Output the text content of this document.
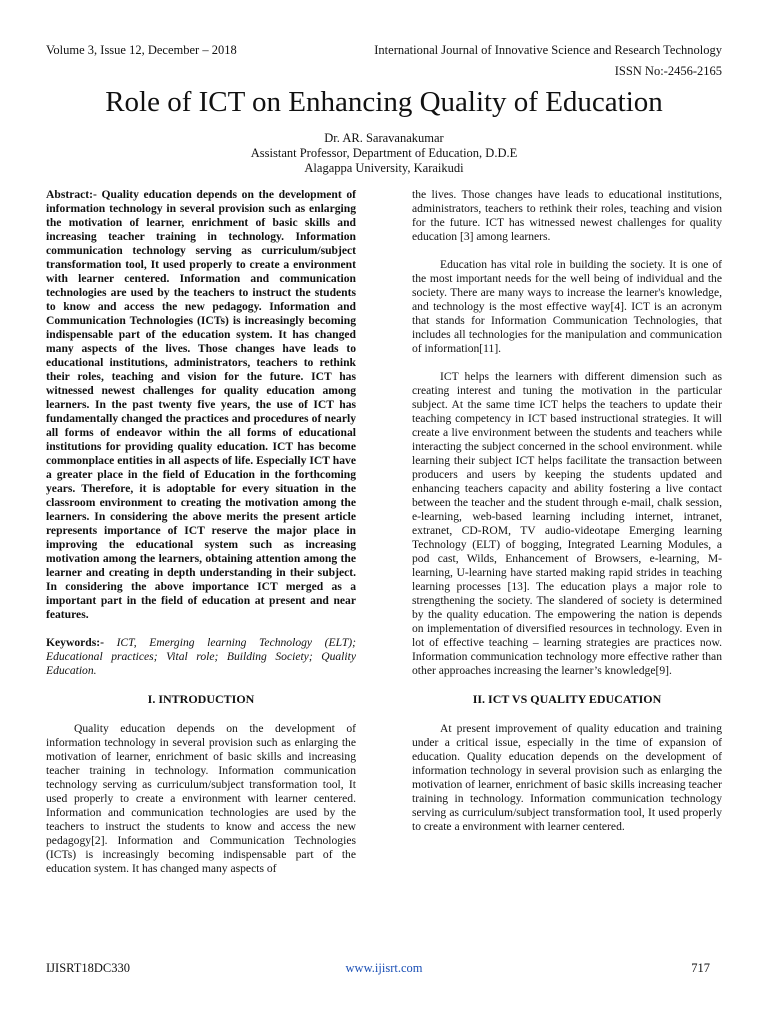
Volume 3, Issue 12, December – 2018	International Journal of Innovative Science and Research Technology
ISSN No:-2456-2165
Role of ICT on Enhancing Quality of Education
Dr. AR. Saravanakumar
Assistant Professor, Department of Education, D.D.E
Alagappa University, Karaikudi

Abstract:- Quality education depends on the development of information technology in several provision such as enlarging the motivation of learner, enrichment of basic skills and increasing teacher training in technology. Information communication technology serving as curriculum/subject transformation tool, It used properly to create a environment with learner centered. Information and communication technologies are used by the teachers to instruct the students to know and access the new pedagogy. Information and Communication Technologies (ICTs) is increasingly becoming indispensable part of the education system. It has changed many aspects of the lives. Those changes have leads to educational institutions, administrators, teachers to rethink their roles, teaching and vision for the future. ICT has witnessed newest challenges for quality education among learners. In the past twenty five years, the use of ICT has fundamentally changed the practices and procedures of nearly all forms of endeavor within the all forms of educational institutions for providing quality education. ICT has become commonplace entities in all aspects of life. Especially ICT have a greater place in the field of Education in the forthcoming years. Therefore, it is adoptable for every situation in the classroom environment to creating the motivation among the learners. In considering the above merits the present article represents importance of ICT reserve the major place in improving the educational system such as increasing motivation among the learners, obtaining attention among the learner and creating in depth understanding in their subject. In considering the above importance ICT merged as a important part in the field of education at present and near features.

Keywords:- ICT, Emerging learning Technology (ELT); Educational practices; Vital role; Building Society; Quality Education.

I. INTRODUCTION

Quality education depends on the development of information technology in several provision such as enlarging the motivation of learner, enrichment of basic skills and increasing teacher training in technology. Information communication technology serving as curriculum/subject transformation tool, It used properly to create a environment with learner centered. Information and communication technologies are used by the teachers to instruct the students to know and access the new pedagogy[2]. Information and Communication Technologies (ICTs) is increasingly becoming indispensable part of the education system. It has changed many aspects of

the lives. Those changes have leads to educational institutions, administrators, teachers to rethink their roles, teaching and vision for the future. ICT has witnessed newest challenges for quality education [3] among learners.

Education has vital role in building the society. It is one of the most important needs for the well being of individual and the society. There are many ways to increase the learner's knowledge, and technology is the most effective way[4]. ICT is an acronym that stands for Information Communication Technologies, that includes all technologies for the manipulation and communication of information[11].

ICT helps the learners with different dimension such as creating interest and tuning the motivation in the particular subject. At the same time ICT helps the teachers to update their teaching competency in ICT based instructional strategies. It will create a live environment between the students and teachers while interacting the subject concerned in the school environment. while learning their subject ICT helps facilitate the transaction between producers and users by keeping the students updated and enhancing teachers capacity and ability fostering a live contact between the teacher and the student through e-mail, chalk session, e-learning, web-based learning including internet, intranet, extranet, CD-ROM, TV audio-videotape Emerging learning Technology (ELT) of bogging, Integrated Learning Modules, a pod cast, Wilds, Enhancement of Browsers, e-learning, M-learning, U-learning have started making rapid strides in teaching learning processes [13]. The education plays a major role to strengthening the society. The slandered of society is determined by the quality education. The empowering the nation is depends on implementation of diversified resources in technology. Even in lot of effective teaching – learning strategies are practices now. Information communication technology more effective rather than other approaches increasing the learner’s knowledge[9].

II. ICT VS QUALITY EDUCATION

At present improvement of quality education and training under a critical issue, especially in the time of expansion of education. Quality education depends on the development of information technology in several provision such as enlarging the motivation of learner, enrichment of basic skills increasing teacher training in technology. Information communication technology serving as curriculum/subject transformation tool, It used properly to create a environment with learner centered.

IJISRT18DC330	www.ijisrt.com	717
